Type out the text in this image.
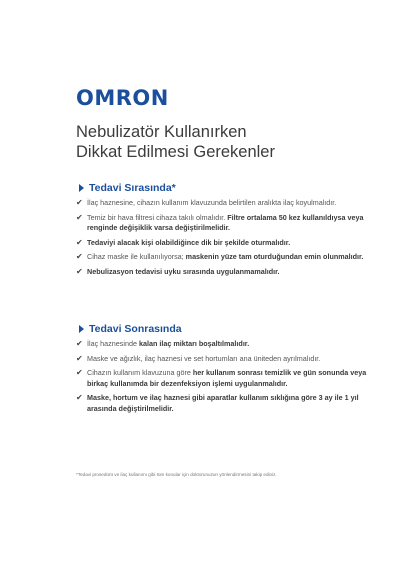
OMRON
Nebulizatör Kullanırken
Dikkat Edilmesi Gerekenler
Tedavi Sırasında*
✔ İlaç haznesine, cihazın kullanım klavuzunda belirtilen aralıkta ilaç koyulmalıdır.
✔ Temiz bir hava filtresi cihaza takılı olmalıdır. Filtre ortalama 50 kez kullanıldıysa veya renginde değişiklik varsa değiştirilmelidir.
✔ Tedaviyi alacak kişi olabildiğince dik bir şekilde oturmalıdır.
✔ Cihaz maske ile kullanılıyorsa; maskenin yüze tam oturduğundan emin olunmalıdır.
✔ Nebulizasyon tedavisi uyku sırasında uygulanmamalıdır.
Tedavi Sonrasında
✔ İlaç haznesinde kalan ilaç miktarı boşaltılmalıdır.
✔ Maske ve ağızlık, ilaç haznesi ve set hortumları ana üniteden ayrılmalıdır.
✔ Cihazın kullanım klavuzuna göre her kullanım sonrası temizlik ve gün sonunda veya birkaç kullanımda bir dezenfeksiyon işlemi uygulanmalıdır.
✔ Maske, hortum ve ilaç haznesi gibi aparatlar kullanım sıklığına göre 3 ay ile 1 yıl arasında değiştirilmelidir.
*Tedavi prosedürü ve ilaç kullanımı gibi tüm konular için doktorunuzun yönlendirmesini takip ediniz.
